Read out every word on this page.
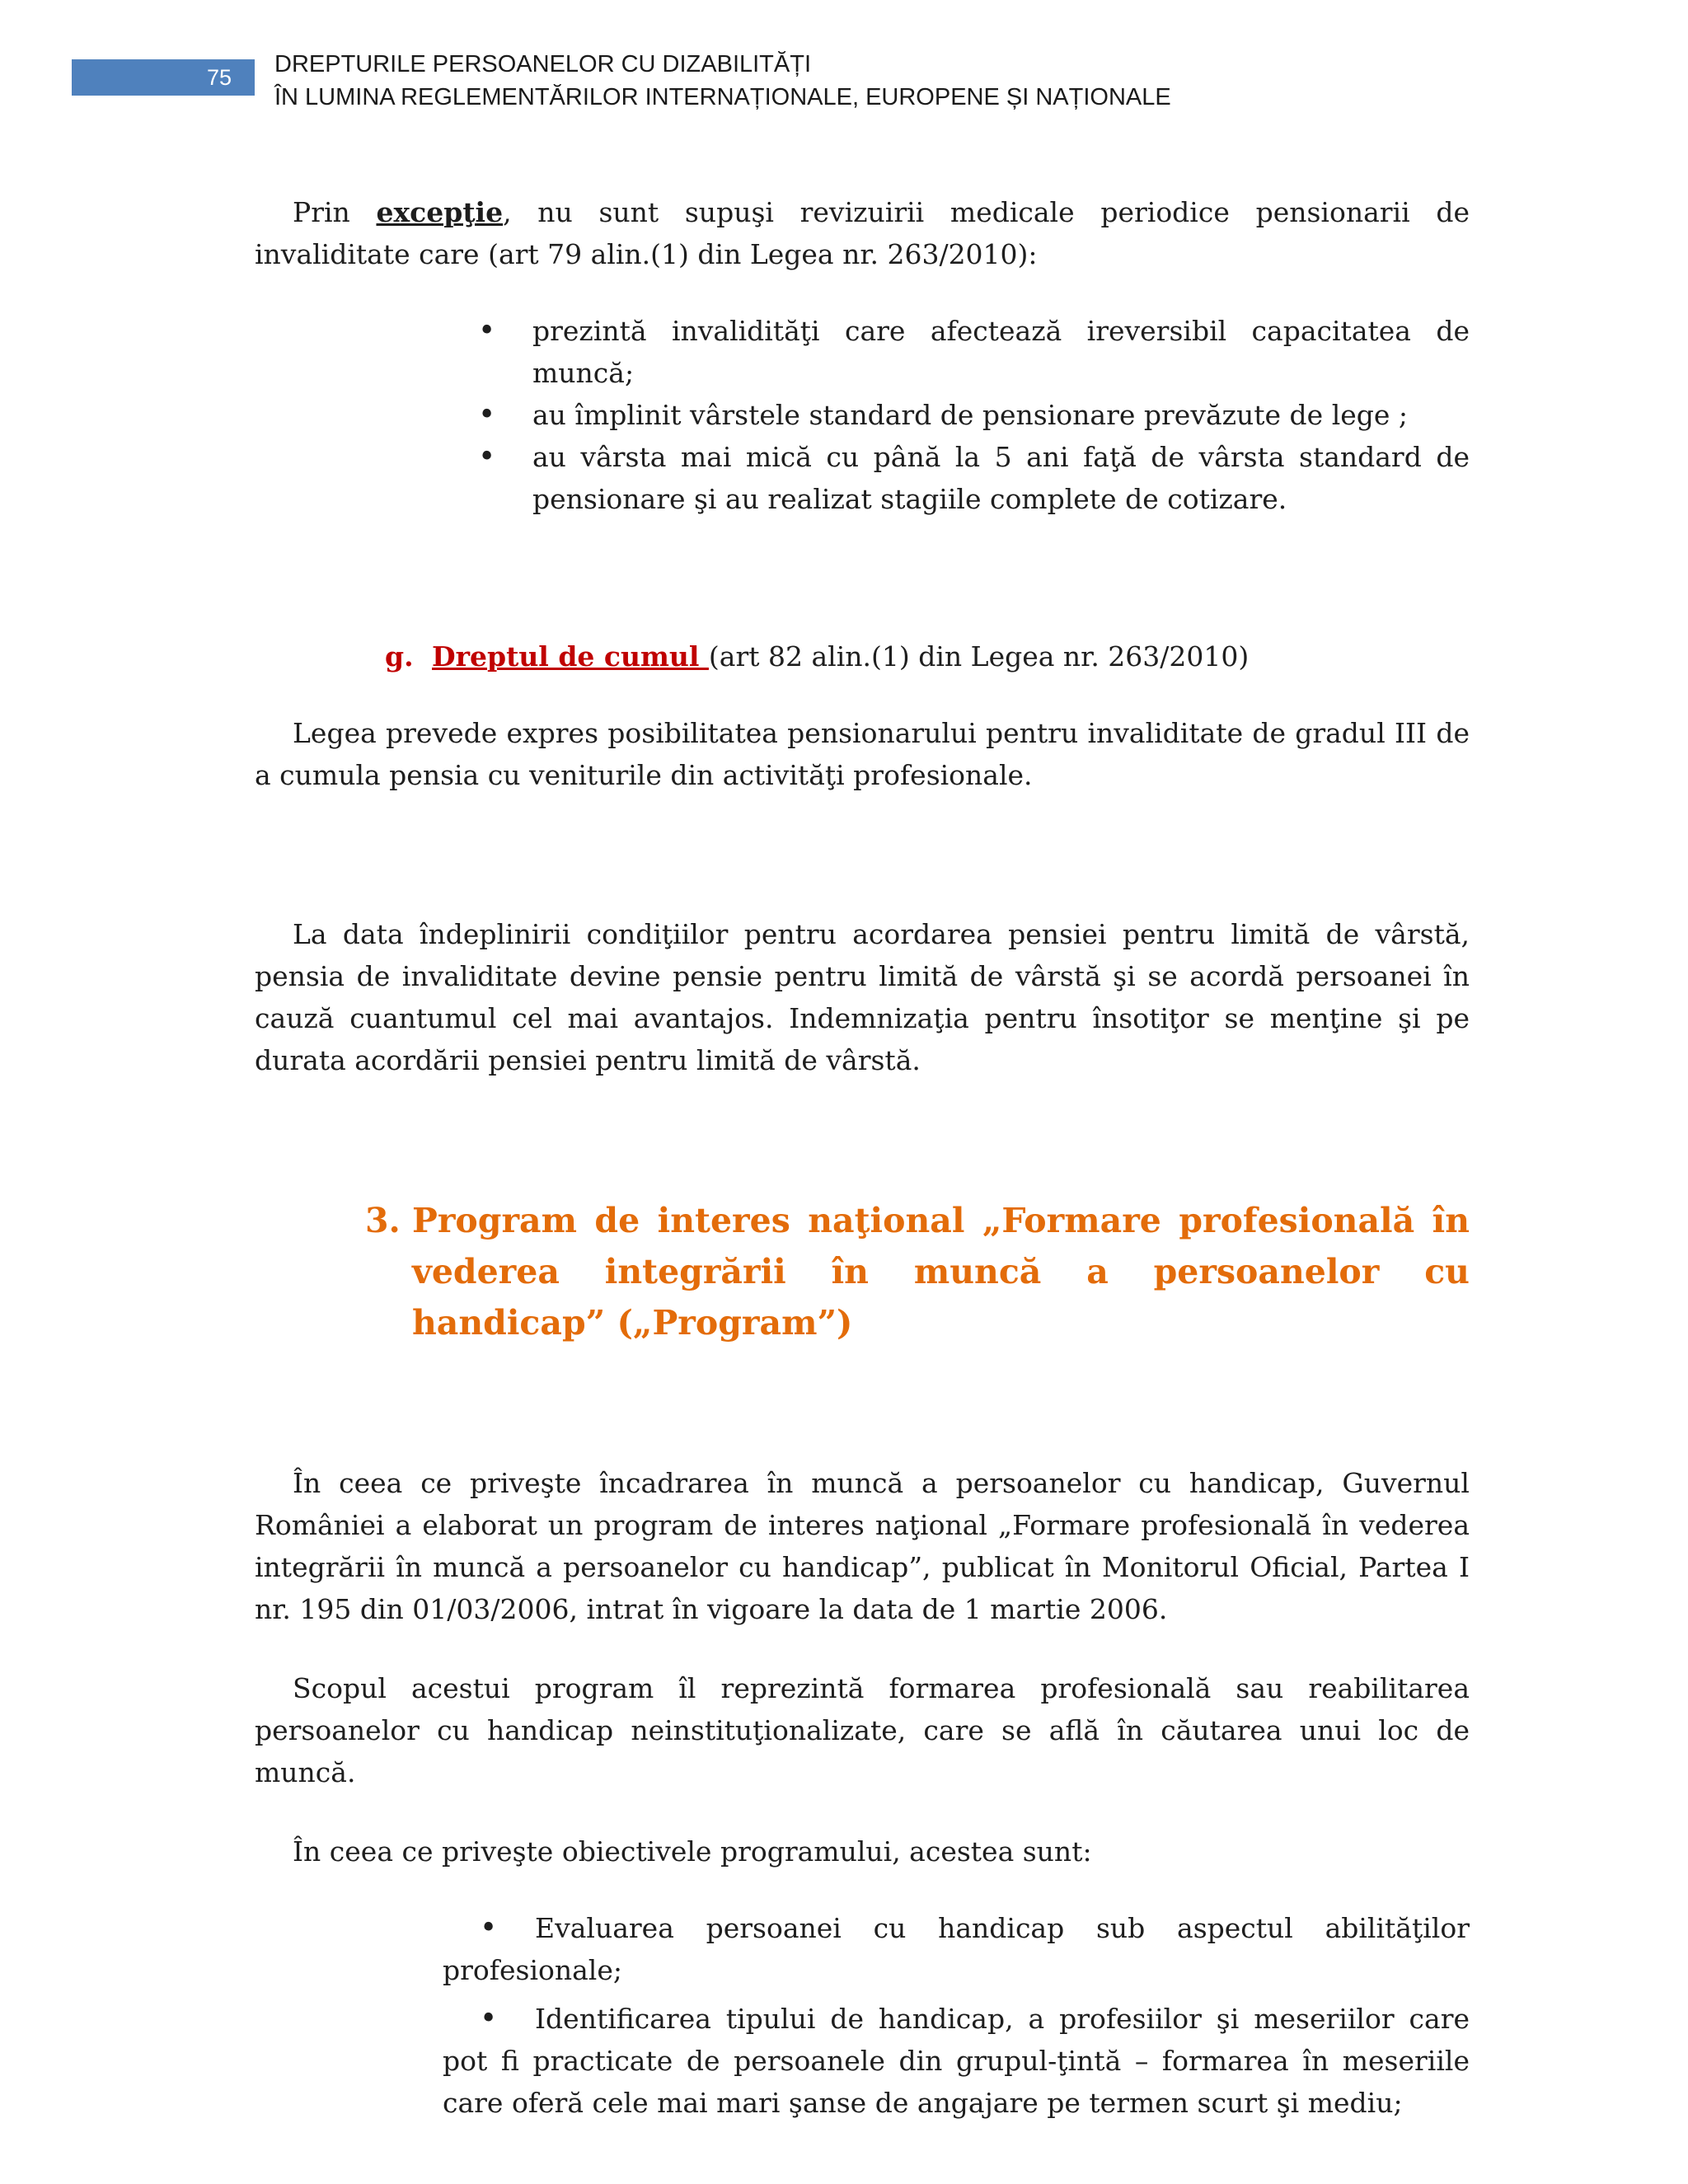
75	DREPTURILE PERSOANELOR CU DIZABILITĂȚI
ÎN LUMINA REGLEMENTĂRILOR INTERNAȚIONALE, EUROPENE ȘI NAȚIONALE

Prin excepţie, nu sunt supuşi revizuirii medicale periodice pensionarii de invaliditate care (art 79 alin.(1) din Legea nr. 263/2010):

• prezintă invalidităţi care afectează ireversibil capacitatea de muncă;
• au împlinit vârstele standard de pensionare prevăzute de lege ;
• au vârsta mai mică cu până la 5 ani faţă de vârsta standard de pensionare şi au realizat stagiile complete de cotizare.
g. Dreptul de cumul (art 82 alin.(1) din Legea nr. 263/2010)

Legea prevede expres posibilitatea pensionarului pentru invaliditate de gradul III de a cumula pensia cu veniturile din activităţi profesionale.

La data îndeplinirii condiţiilor pentru acordarea pensiei pentru limită de vârstă, pensia de invaliditate devine pensie pentru limită de vârstă şi se acordă persoanei în cauză cuantumul cel mai avantajos. Indemnizaţia pentru însotiţor se menţine şi pe durata acordării pensiei pentru limită de vârstă.

3. Program de interes naţional „Formare profesională în vederea integrării în muncă a persoanelor cu handicap” („Program”)

În ceea ce priveşte încadrarea în muncă a persoanelor cu handicap, Guvernul României a elaborat un program de interes naţional „Formare profesională în vederea integrării în muncă a persoanelor cu handicap”, publicat în Monitorul Oficial, Partea I nr. 195 din 01/03/2006, intrat în vigoare la data de 1 martie 2006.

Scopul acestui program îl reprezintă formarea profesională sau reabilitarea persoanelor cu handicap neinstituţionalizate, care se află în căutarea unui loc de muncă.

În ceea ce priveşte obiectivele programului, acestea sunt:

• Evaluarea persoanei cu handicap sub aspectul abilităţilor profesionale;
• Identificarea tipului de handicap, a profesiilor şi meseriilor care pot fi practicate de persoanele din grupul-ţintă – formarea în meseriile care oferă cele mai mari şanse de angajare pe termen scurt şi mediu;
